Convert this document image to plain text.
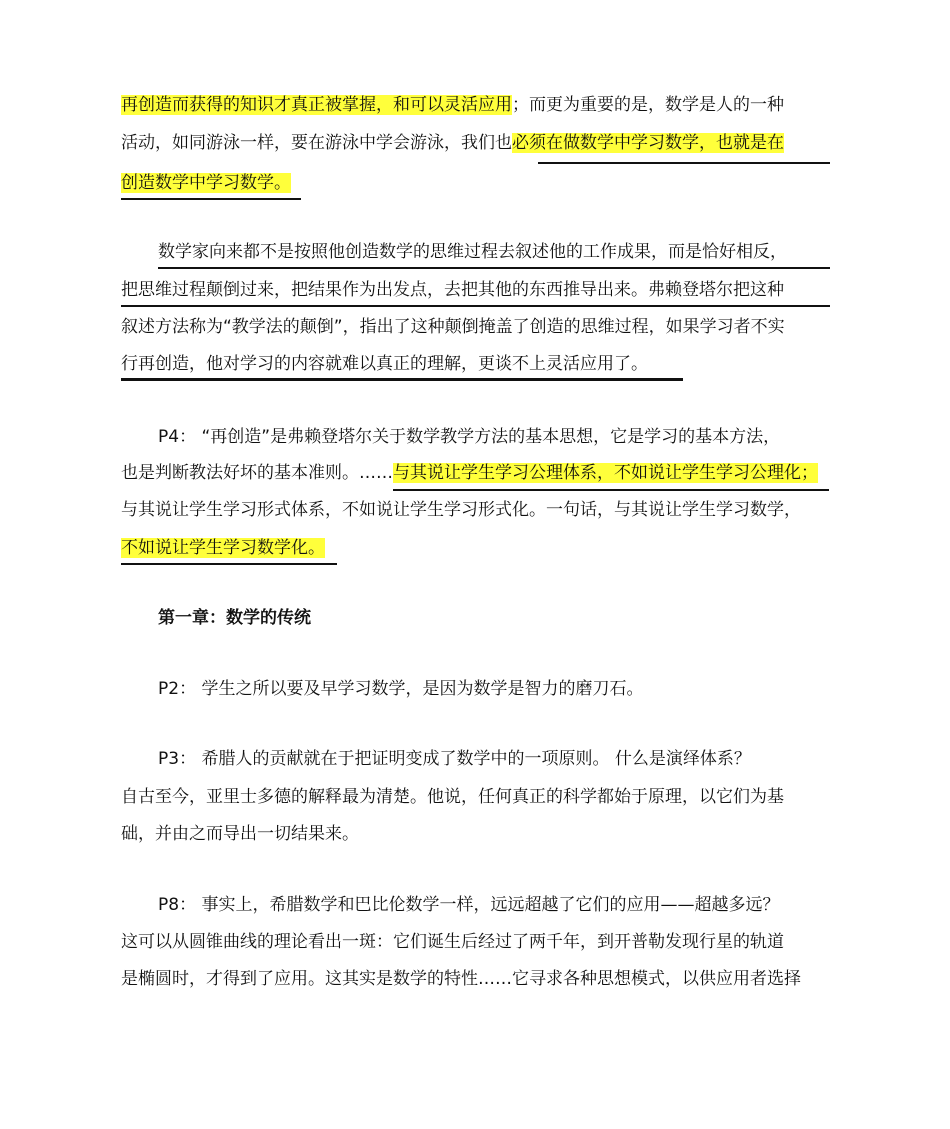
再创造而获得的知识才真正被掌握，和可以灵活应用；而更为重要的是，数学是人的一种
活动，如同游泳一样，要在游泳中学会游泳，我们也必须在做数学中学习数学，也就是在
创造数学中学习数学。
数学家向来都不是按照他创造数学的思维过程去叙述他的工作成果，而是恰好相反，
把思维过程颠倒过来，把结果作为出发点，去把其他的东西推导出来。弗赖登塔尔把这种
叙述方法称为“教学法的颠倒”，指出了这种颠倒掩盖了创造的思维过程，如果学习者不实
行再创造，他对学习的内容就难以真正的理解，更谈不上灵活应用了。
P4： “再创造”是弗赖登塔尔关于数学教学方法的基本思想，它是学习的基本方法，
也是判断教法好坏的基本准则。……与其说让学生学习公理体系，不如说让学生学习公理化；
与其说让学生学习形式体系，不如说让学生学习形式化。一句话，与其说让学生学习数学，
不如说让学生学习数学化。
第一章：数学的传统
P2： 学生之所以要及早学习数学，是因为数学是智力的磨刀石。
P3： 希腊人的贡献就在于把证明变成了数学中的一项原则。 什么是演绎体系？
自古至今，亚里士多德的解释最为清楚。他说，任何真正的科学都始于原理，以它们为基
础，并由之而导出一切结果来。
P8： 事实上，希腊数学和巴比伦数学一样，远远超越了它们的应用——超越多远？
这可以从圆锥曲线的理论看出一斑：它们诞生后经过了两千年，到开普勒发现行星的轨道
是椭圆时，才得到了应用。这其实是数学的特性……它寻求各种思想模式，以供应用者选择
